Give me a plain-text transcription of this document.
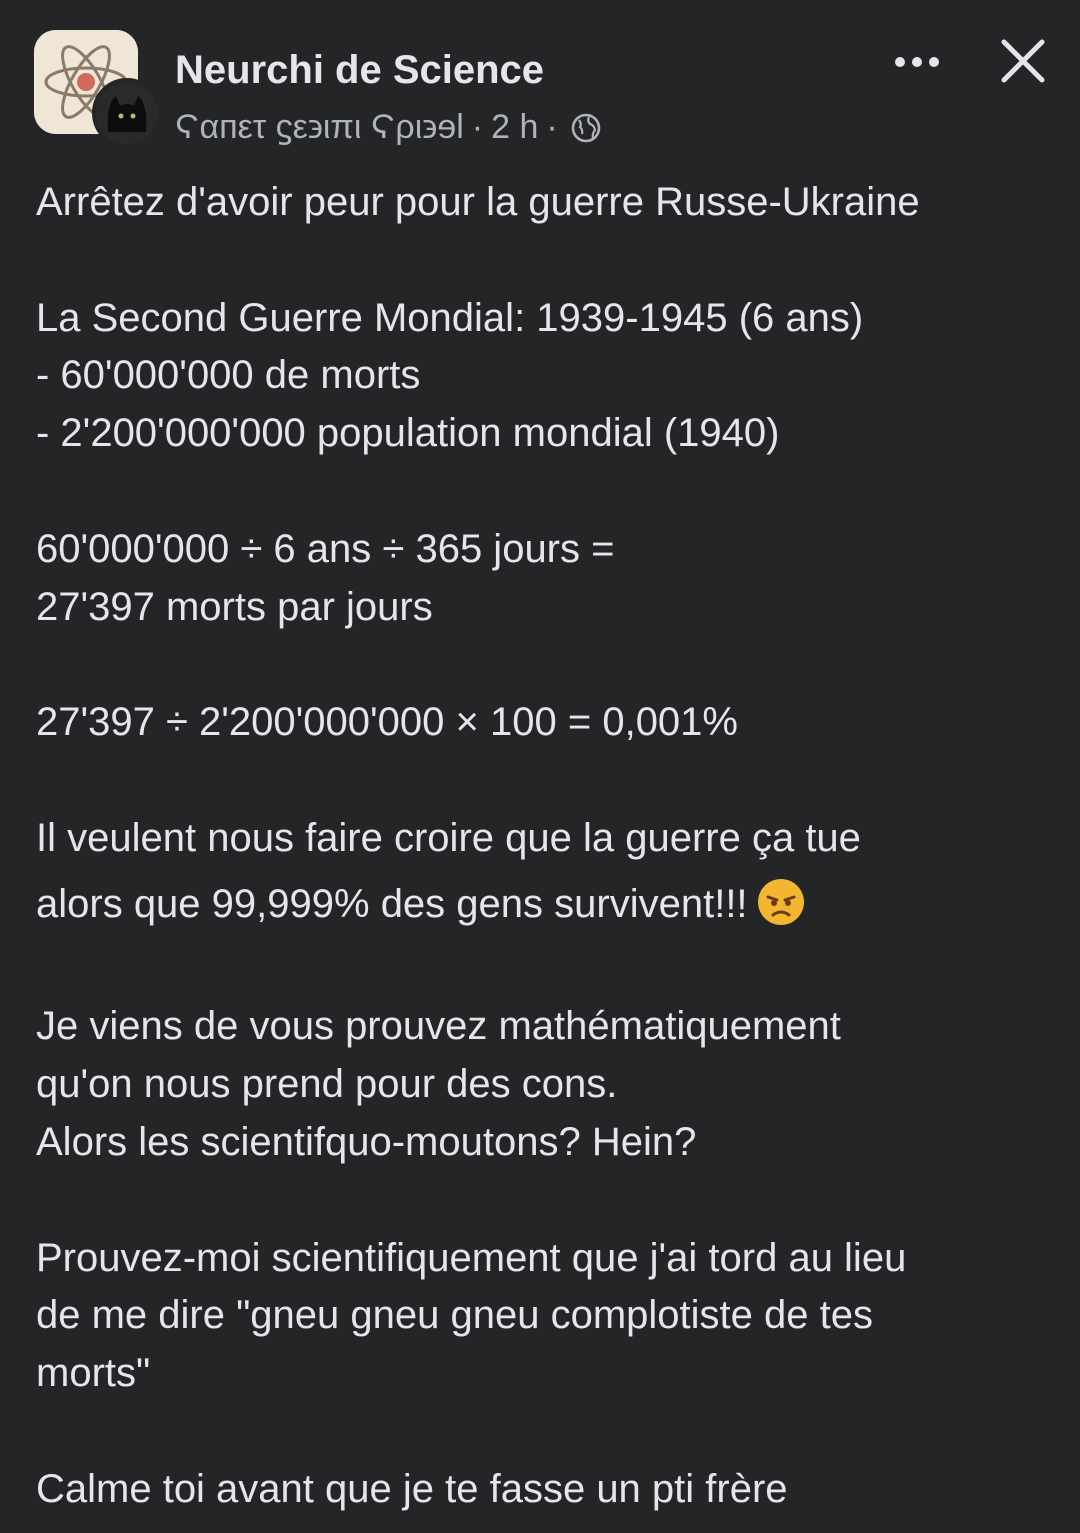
Neurchi de Science
Ϛαпετ ϛε϶ιπι Ϛρι϶ɘl · 2 h ·
Arrêtez d'avoir peur pour la guerre Russe-Ukraine
La Second Guerre Mondial: 1939-1945 (6 ans)
- 60'000'000 de morts
- 2'200'000'000 population mondial (1940)
60'000'000 ÷ 6 ans ÷ 365 jours =
27'397 morts par jours
27'397 ÷ 2'200'000'000 × 100 = 0,001%
Il veulent nous faire croire que la guerre ça tue
alors que 99,999% des gens survivent!!!
Je viens de vous prouvez mathématiquement
qu'on nous prend pour des cons.
Alors les scientifquo-moutons? Hein?
Prouvez-moi scientifiquement que j'ai tord au lieu
de me dire "gneu gneu gneu complotiste de tes
morts"
Calme toi avant que je te fasse un pti frère
